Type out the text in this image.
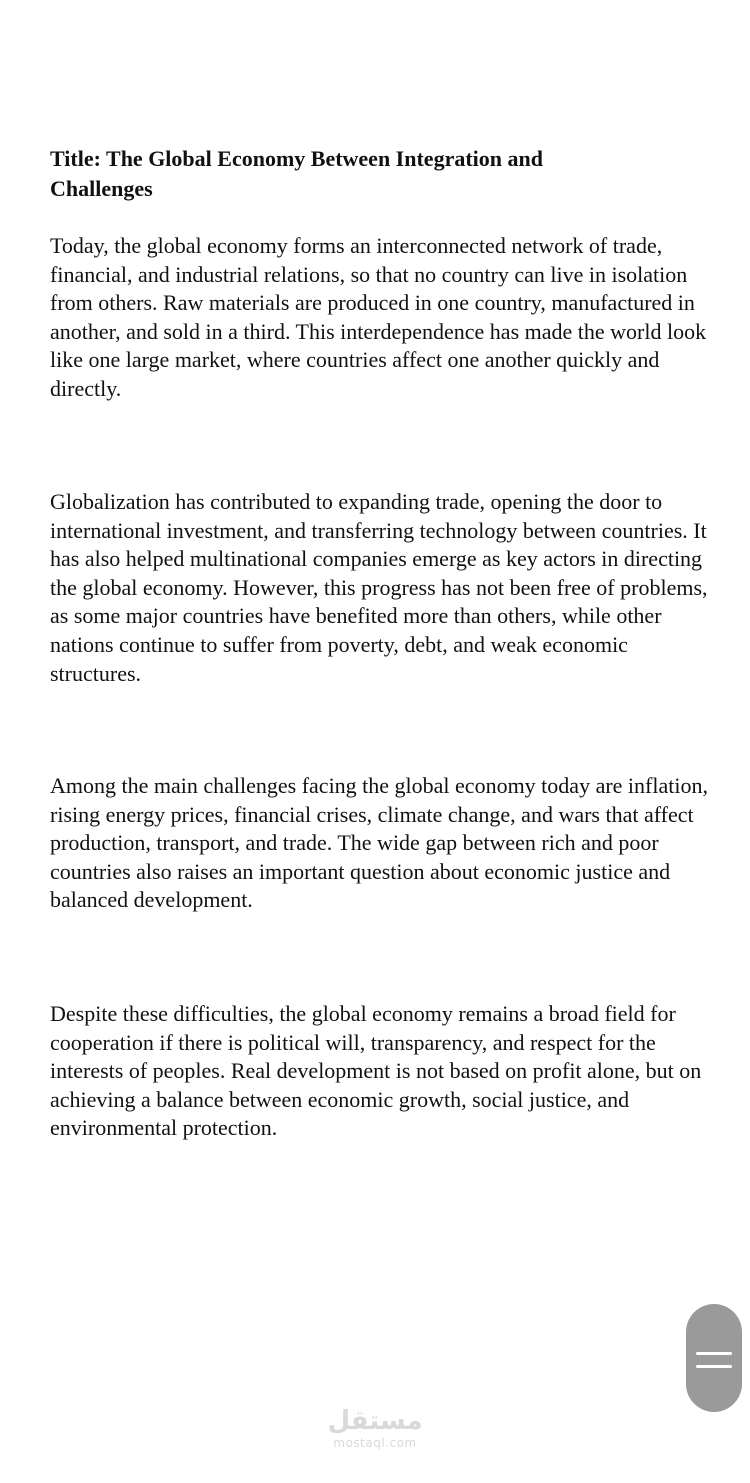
Title: The Global Economy Between Integration and Challenges

Today, the global economy forms an interconnected network of trade, financial, and industrial relations, so that no country can live in isolation from others. Raw materials are produced in one country, manufactured in another, and sold in a third. This interdependence has made the world look like one large market, where countries affect one another quickly and directly.

Globalization has contributed to expanding trade, opening the door to international investment, and transferring technology between countries. It has also helped multinational companies emerge as key actors in directing the global economy. However, this progress has not been free of problems, as some major countries have benefited more than others, while other nations continue to suffer from poverty, debt, and weak economic structures.

Among the main challenges facing the global economy today are inflation, rising energy prices, financial crises, climate change, and wars that affect production, transport, and trade. The wide gap between rich and poor countries also raises an important question about economic justice and balanced development.

Despite these difficulties, the global economy remains a broad field for cooperation if there is political will, transparency, and respect for the interests of peoples. Real development is not based on profit alone, but on achieving a balance between economic growth, social justice, and environmental protection.

مستقل
mostaql.com
